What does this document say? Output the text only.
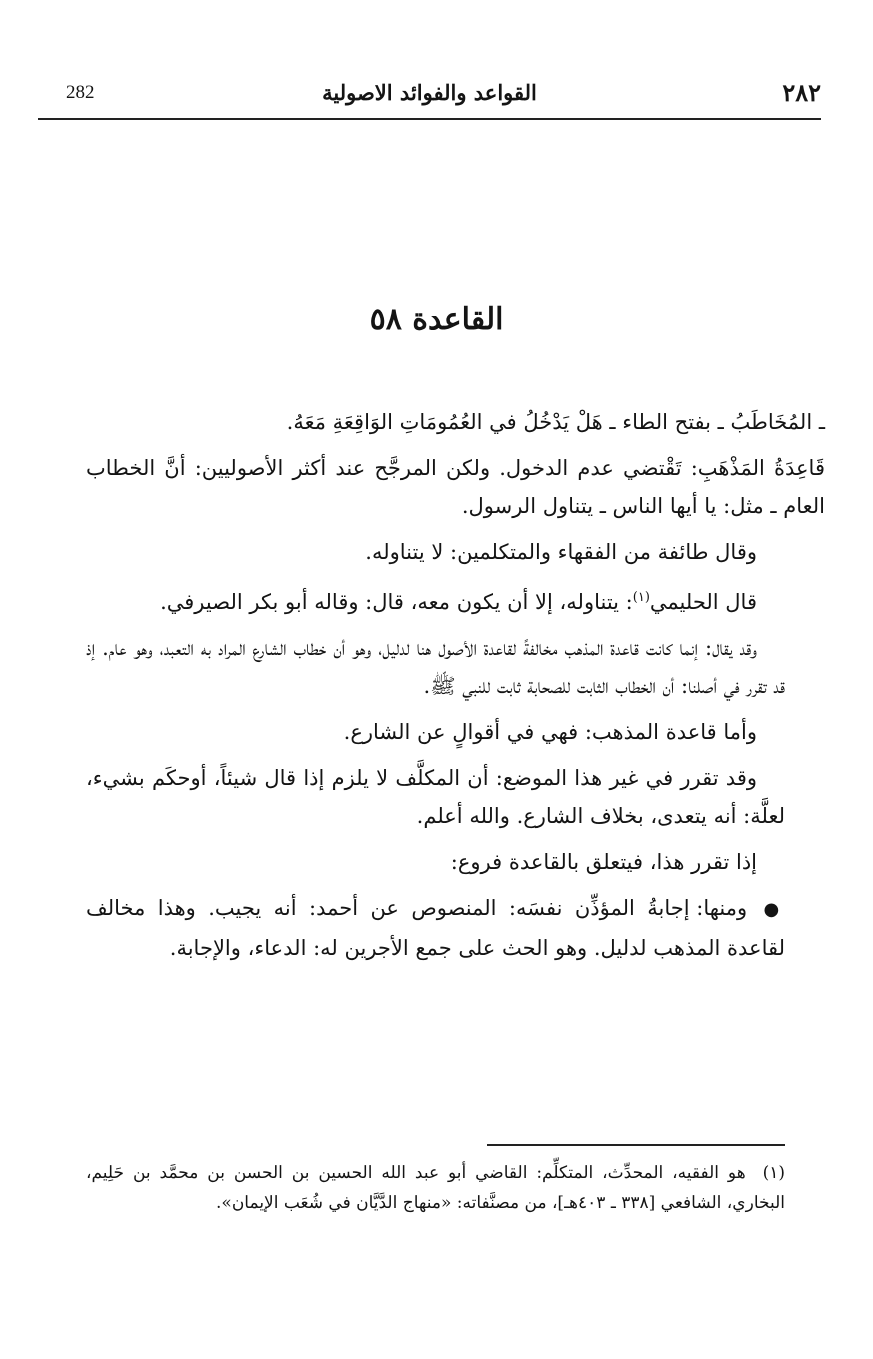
٢٨٢
القواعد والفوائد الاصولية
282
القاعدة ٥٨

ـ المُخَاطَبُ ـ بفتح الطاء ـ هَلْ يَدْخُلُ في العُمُومَاتِ الوَاقِعَةِ مَعَهُ.

قَاعِدَةُ المَذْهَبِ: تَقْتضي عدم الدخول. ولكن المرجَّح عند أكثر الأصوليين: أنَّ الخطاب العام ـ مثل: يا أيها الناس ـ يتناول الرسول.

وقال طائفة من الفقهاء والمتكلمين: لا يتناوله.

قال الحليمي$^{(١)}$: يتناوله، إلا أن يكون معه، قال: وقاله أبو بكر الصيرفي.

وقد يقال: إنما كانت قاعدة المذهب مخالفةً لقاعدة الأصول هنا لدليل، وهو أن خطاب الشارع المراد به التعبد، وهو عام. إذ قد تقرر في أصلنا: أن الخطاب الثابت للصحابة ثابت للنبي ﷺ.

وأما قاعدة المذهب: فهي في أقوالٍ عن الشارع.

وقد تقرر في غير هذا الموضع: أن المكلَّف لا يلزم إذا قال شيئاً، أوحكَم بشيء، لعلَّة: أنه يتعدى، بخلاف الشارع. والله أعلم.

إذا تقرر هذا، فيتعلق بالقاعدة فروع:

● ومنها: إجابةُ المؤذِّن نفسَه: المنصوص عن أحمد: أنه يجيب. وهذا مخالف لقاعدة المذهب لدليل. وهو الحث على جمع الأجرين له: الدعاء، والإجابة.

(١) هو الفقيه، المحدِّث، المتكلِّم: القاضي أبو عبد الله الحسين بن الحسن بن محمَّد بن حَلِيم، البخاري، الشافعي [٣٣٨ ـ ٤٠٣هـ]، من مصنَّفاته: «منهاج الدَّيَّان في شُعَب الإيمان».
